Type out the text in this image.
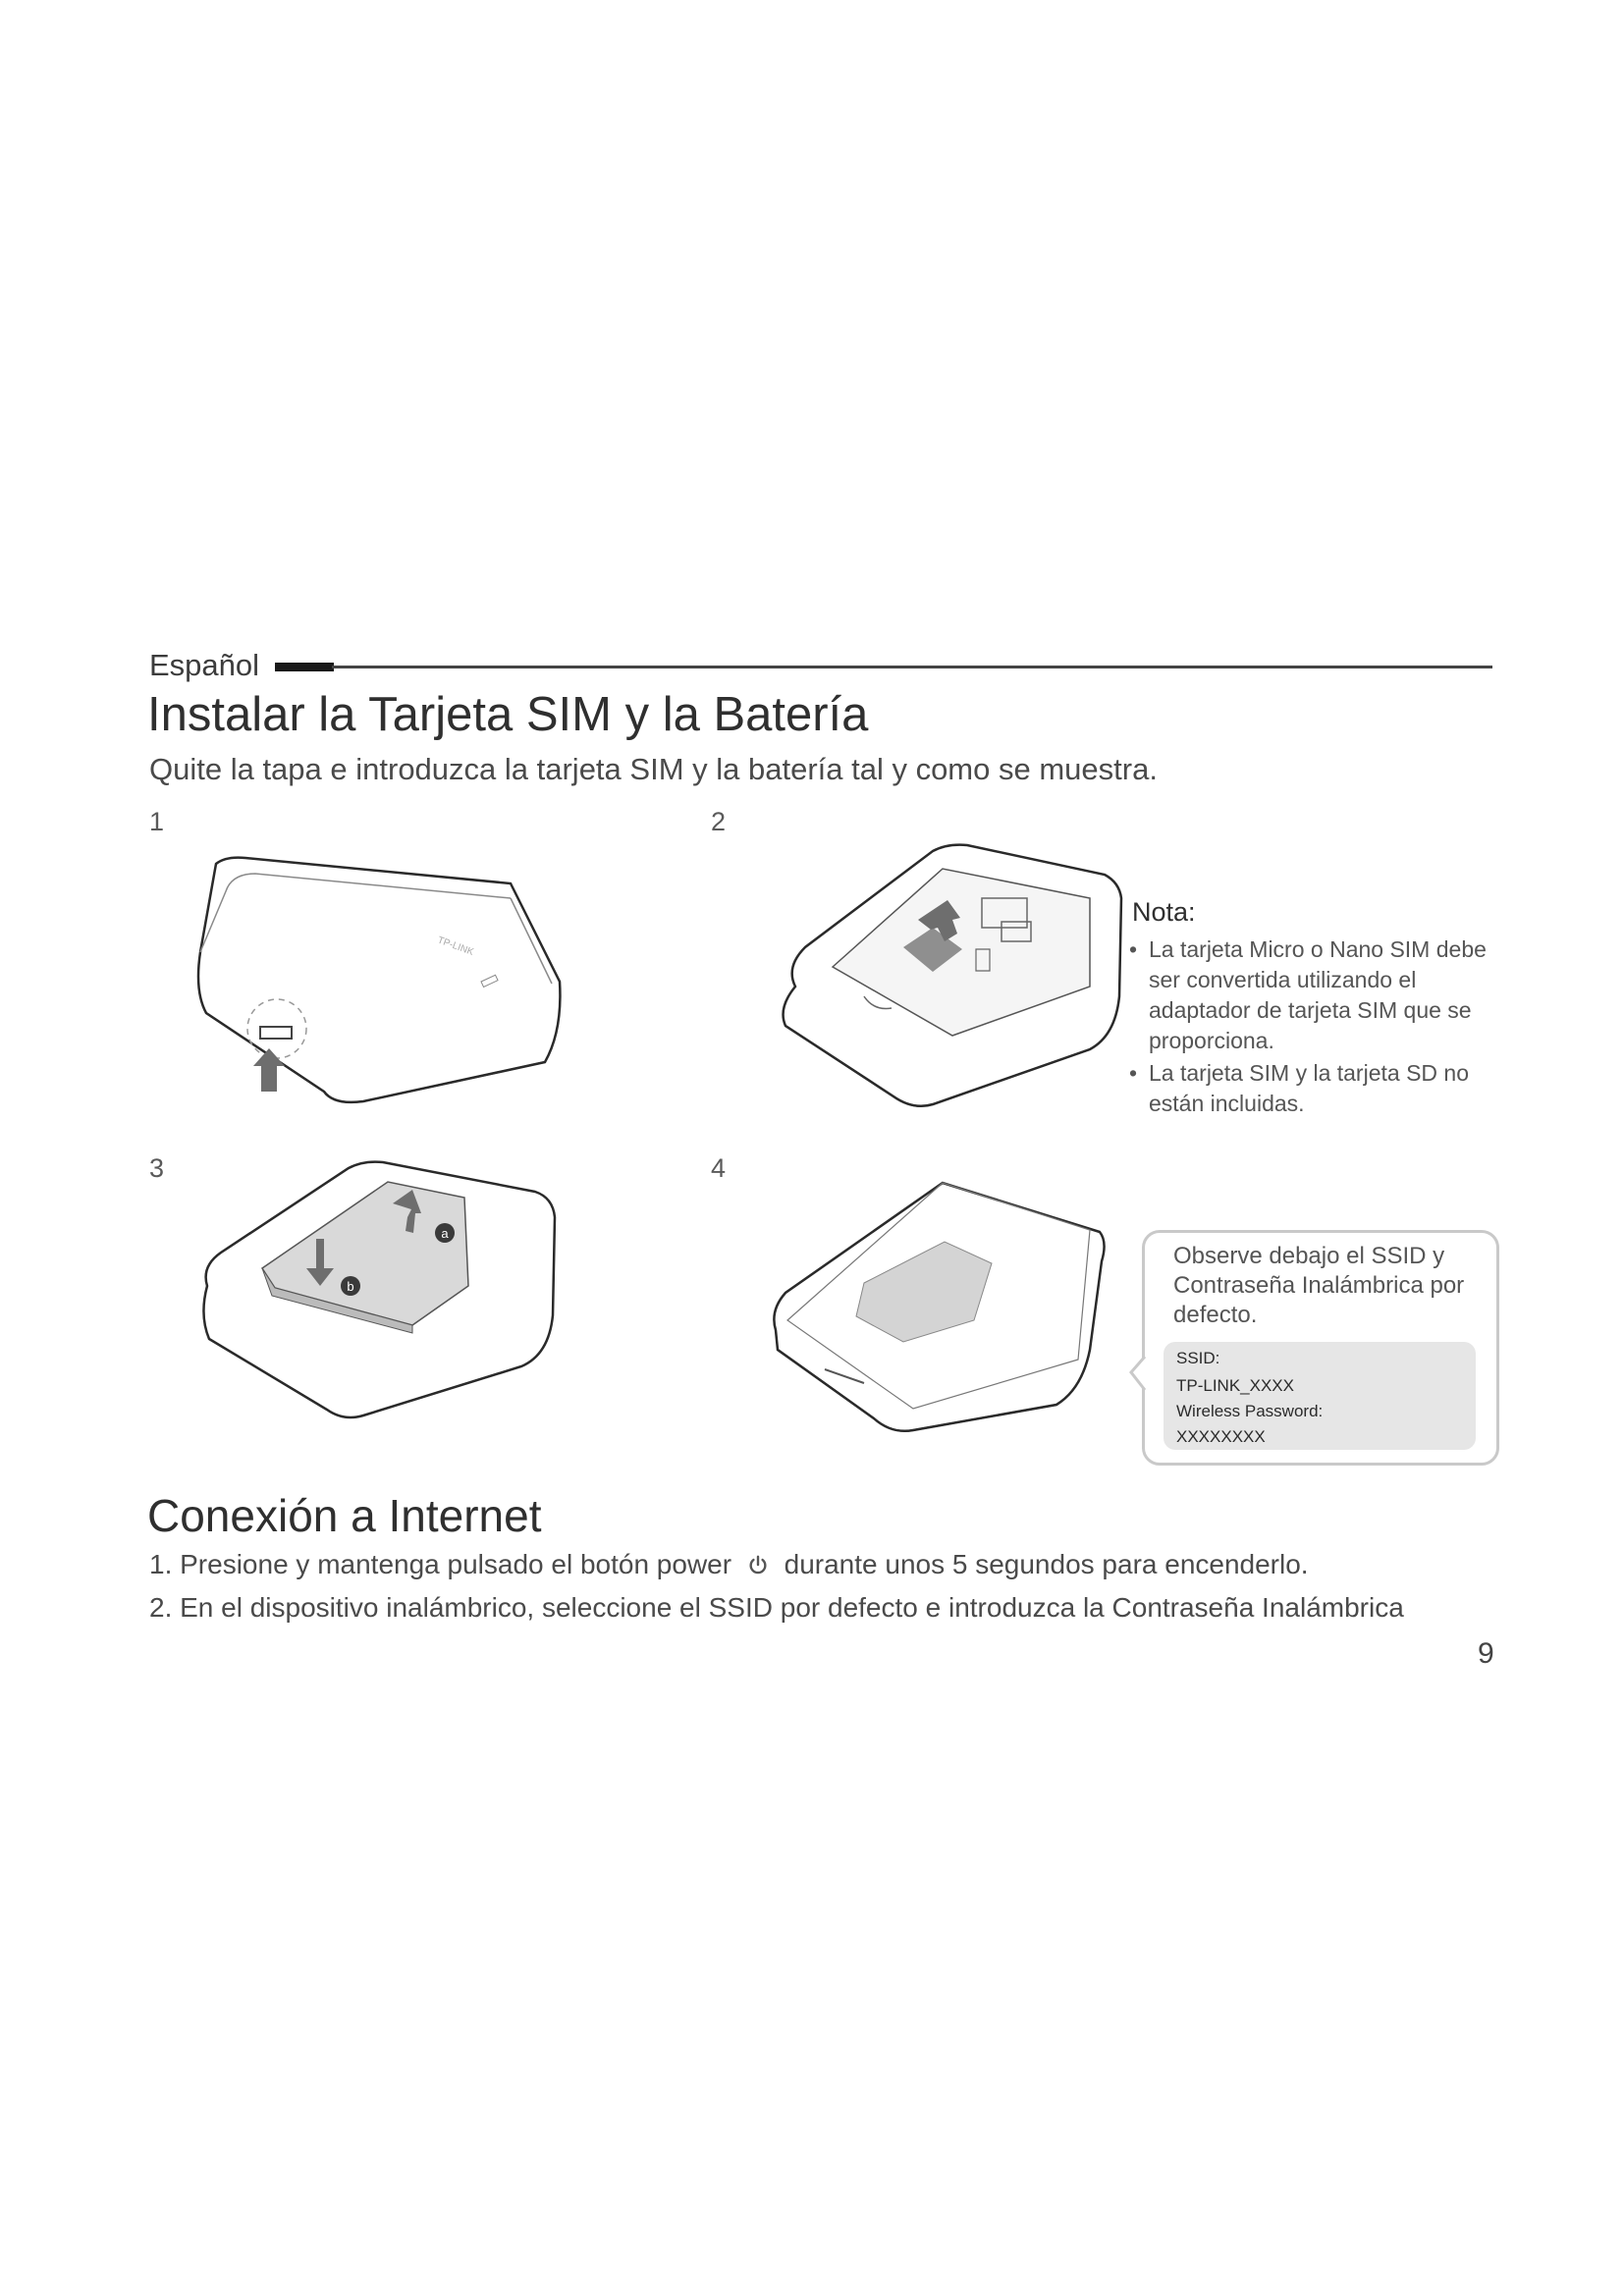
Español
Instalar la Tarjeta SIM y la Batería
Quite la tapa e introduzca la tarjeta SIM y la batería tal y como se muestra.
1	2
3	4
TP-LINK
Nota:
• La tarjeta Micro o Nano SIM debe ser convertida utilizando el adaptador de tarjeta SIM que se proporciona.
• La tarjeta SIM y la tarjeta SD no están incluidas.
a
b
Observe debajo el SSID y Contraseña Inalámbrica por defecto.
SSID:
TP-LINK_XXXX
Wireless Password:
XXXXXXXX
Conexión a Internet
1. Presione y mantenga pulsado el botón power durante unos 5 segundos para encenderlo.
2. En el dispositivo inalámbrico, seleccione el SSID por defecto e introduzca la Contraseña Inalámbrica
9
